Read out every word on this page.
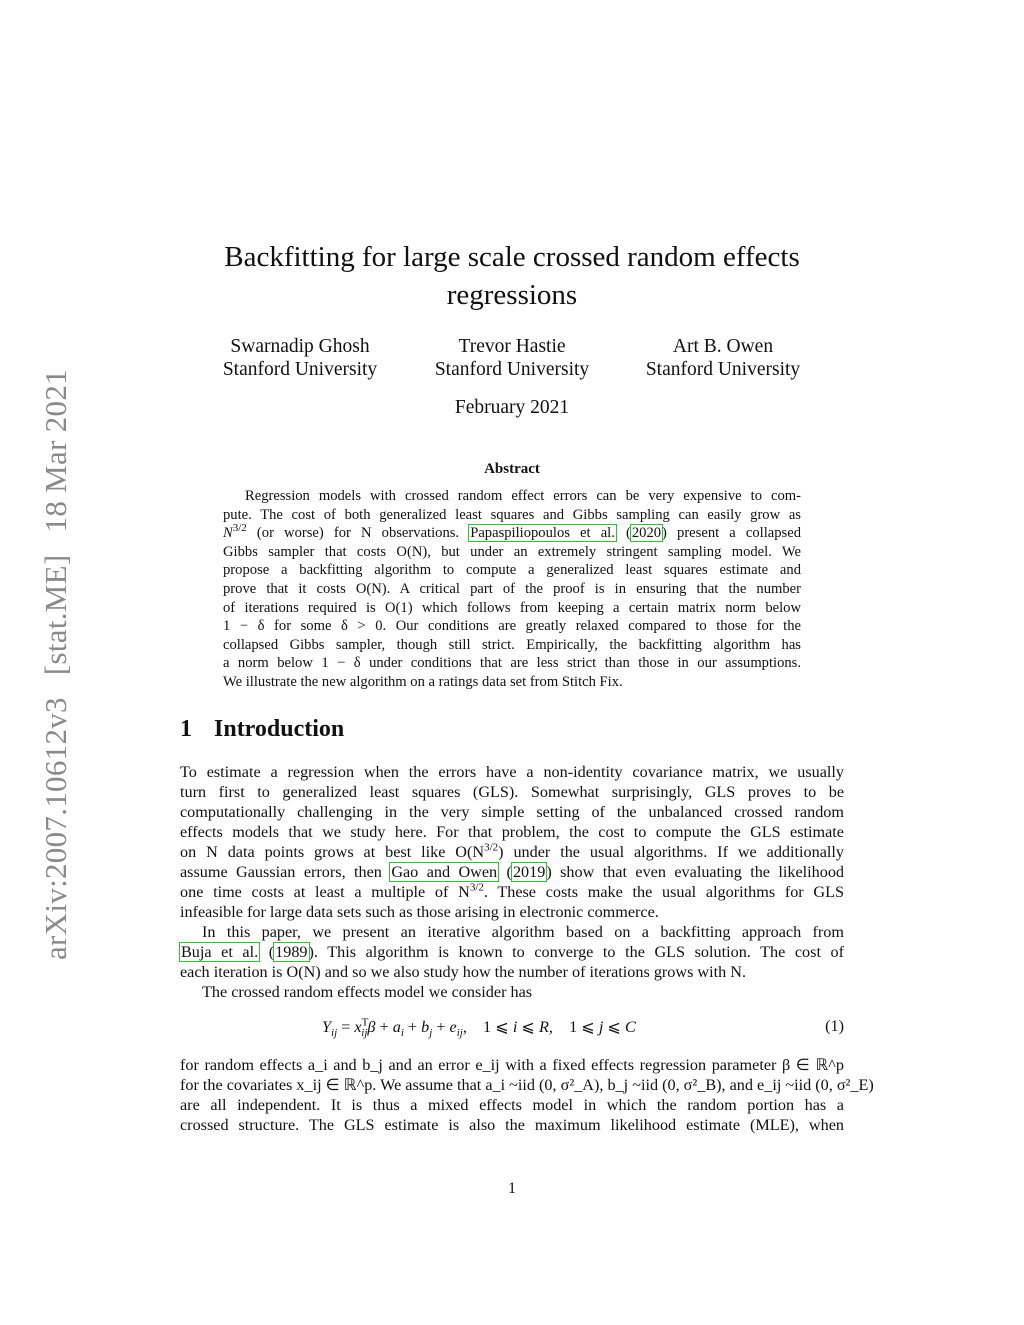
arXiv:2007.10612v3[stat.ME]18 Mar 2021
Backfitting for large scale crossed random effects
regressions
Swarnadip Ghosh
Stanford University
Trevor Hastie
Stanford University
Art B. Owen
Stanford University
February 2021
Abstract
Regression models with crossed random effect errors can be very expensive to com-
pute. The cost of both generalized least squares and Gibbs sampling can easily grow as
$N^{3/2}$ (or worse) for N observations. Papaspiliopoulos et al. (2020) present a collapsed
Gibbs sampler that costs O(N), but under an extremely stringent sampling model. We
propose a backfitting algorithm to compute a generalized least squares estimate and
prove that it costs O(N). A critical part of the proof is in ensuring that the number
of iterations required is O(1) which follows from keeping a certain matrix norm below
1 − δ for some δ > 0. Our conditions are greatly relaxed compared to those for the
collapsed Gibbs sampler, though still strict. Empirically, the backfitting algorithm has
a norm below 1 − δ under conditions that are less strict than those in our assumptions.
We illustrate the new algorithm on a ratings data set from Stitch Fix.
1 Introduction
To estimate a regression when the errors have a non-identity covariance matrix, we usually
turn first to generalized least squares (GLS). Somewhat surprisingly, GLS proves to be
computationally challenging in the very simple setting of the unbalanced crossed random
effects models that we study here. For that problem, the cost to compute the GLS estimate
on N data points grows at best like $O(N^{3/2})$ under the usual algorithms. If we additionally
assume Gaussian errors, then Gao and Owen (2019) show that even evaluating the likelihood
one time costs at least a multiple of $N^{3/2}$. These costs make the usual algorithms for GLS
infeasible for large data sets such as those arising in electronic commerce.
In this paper, we present an iterative algorithm based on a backfitting approach from
Buja et al. (1989). This algorithm is known to converge to the GLS solution. The cost of
each iteration is O(N) and so we also study how the number of iterations grows with N.
The crossed random effects model we consider has
$Y_{ij} = x^T_{ij}\beta + a_i + b_j + e_{ij}$,    1 ⩽ i ⩽ R,    1 ⩽ j ⩽ C	(1)
for random effects a_i and b_j and an error e_ij with a fixed effects regression parameter β ∈ ℝ^p
for the covariates x_ij ∈ ℝ^p. We assume that a_i ~iid (0, σ²_A), b_j ~iid (0, σ²_B), and e_ij ~iid (0, σ²_E)
are all independent. It is thus a mixed effects model in which the random portion has a
crossed structure. The GLS estimate is also the maximum likelihood estimate (MLE), when
1
